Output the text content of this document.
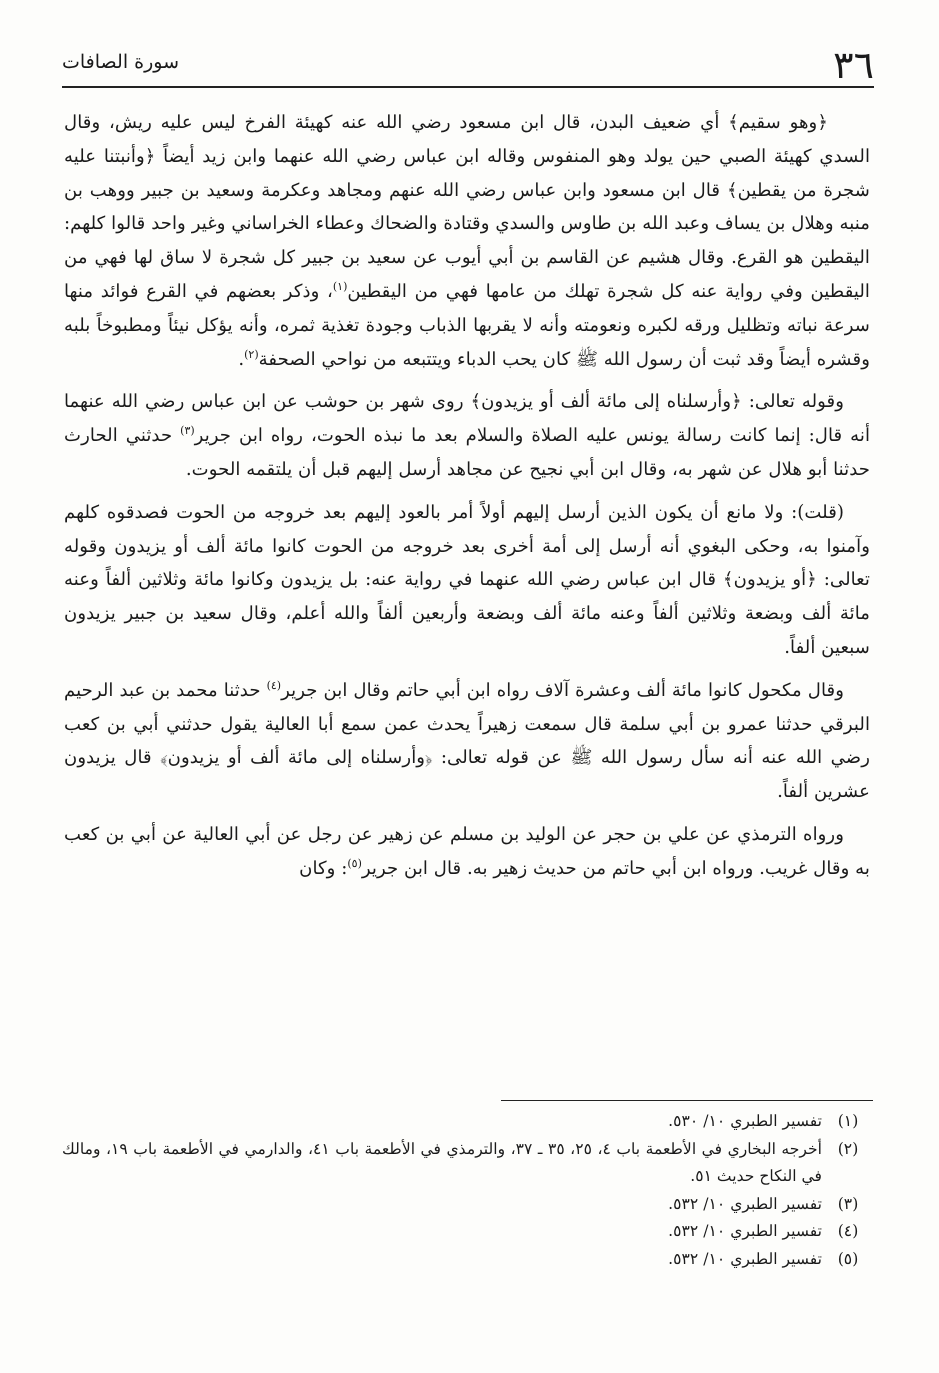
٣٦
سورة الصافات

﴿وهو سقيم﴾ أي ضعيف البدن، قال ابن مسعود رضي الله عنه كهيئة الفرخ ليس عليه ريش، وقال السدي كهيئة الصبي حين يولد وهو المنفوس وقاله ابن عباس رضي الله عنهما وابن زيد أيضاً ﴿وأنبتنا عليه شجرة من يقطين﴾ قال ابن مسعود وابن عباس رضي الله عنهم ومجاهد وعكرمة وسعيد بن جبير ووهب بن منبه وهلال بن يساف وعبد الله بن طاوس والسدي وقتادة والضحاك وعطاء الخراساني وغير واحد قالوا كلهم: اليقطين هو القرع. وقال هشيم عن القاسم بن أبي أيوب عن سعيد بن جبير كل شجرة لا ساق لها فهي من اليقطين وفي رواية عنه كل شجرة تهلك من عامها فهي من اليقطين$^{(١)}$، وذكر بعضهم في القرع فوائد منها سرعة نباته وتظليل ورقه لكبره ونعومته وأنه لا يقربها الذباب وجودة تغذية ثمره، وأنه يؤكل نيئاً ومطبوخاً بلبه وقشره أيضاً وقد ثبت أن رسول الله ﷺ كان يحب الدباء ويتتبعه من نواحي الصحفة$^{(٢)}$.

وقوله تعالى: ﴿وأرسلناه إلى مائة ألف أو يزيدون﴾ روى شهر بن حوشب عن ابن عباس رضي الله عنهما أنه قال: إنما كانت رسالة يونس عليه الصلاة والسلام بعد ما نبذه الحوت، رواه ابن جرير$^{(٣)}$ حدثني الحارث حدثنا أبو هلال عن شهر به، وقال ابن أبي نجيح عن مجاهد أرسل إليهم قبل أن يلتقمه الحوت.

(قلت): ولا مانع أن يكون الذين أرسل إليهم أولاً أمر بالعود إليهم بعد خروجه من الحوت فصدقوه كلهم وآمنوا به، وحكى البغوي أنه أرسل إلى أمة أخرى بعد خروجه من الحوت كانوا مائة ألف أو يزيدون وقوله تعالى: ﴿أو يزيدون﴾ قال ابن عباس رضي الله عنهما في رواية عنه: بل يزيدون وكانوا مائة وثلاثين ألفاً وعنه مائة ألف وبضعة وثلاثين ألفاً وعنه مائة ألف وبضعة وأربعين ألفاً والله أعلم، وقال سعيد بن جبير يزيدون سبعين ألفاً.

وقال مكحول كانوا مائة ألف وعشرة آلاف رواه ابن أبي حاتم وقال ابن جرير$^{(٤)}$ حدثنا محمد بن عبد الرحيم البرقي حدثنا عمرو بن أبي سلمة قال سمعت زهيراً يحدث عمن سمع أبا العالية يقول حدثني أبي بن كعب رضي الله عنه أنه سأل رسول الله ﷺ عن قوله تعالى: ﴿وأرسلناه إلى مائة ألف أو يزيدون﴾ قال يزيدون عشرين ألفاً.

ورواه الترمذي عن علي بن حجر عن الوليد بن مسلم عن زهير عن رجل عن أبي العالية عن أبي بن كعب به وقال غريب. ورواه ابن أبي حاتم من حديث زهير به. قال ابن جرير$^{(٥)}$: وكان

(١)
تفسير الطبري ١٠/ ٥٣٠.
(٢)
أخرجه البخاري في الأطعمة باب ٤، ٢٥، ٣٥ ـ ٣٧، والترمذي في الأطعمة باب ٤١، والدارمي في الأطعمة باب ١٩، ومالك في النكاح حديث ٥١.
(٣)
تفسير الطبري ١٠/ ٥٣٢.
(٤)
تفسير الطبري ١٠/ ٥٣٢.
(٥)
تفسير الطبري ١٠/ ٥٣٢.
